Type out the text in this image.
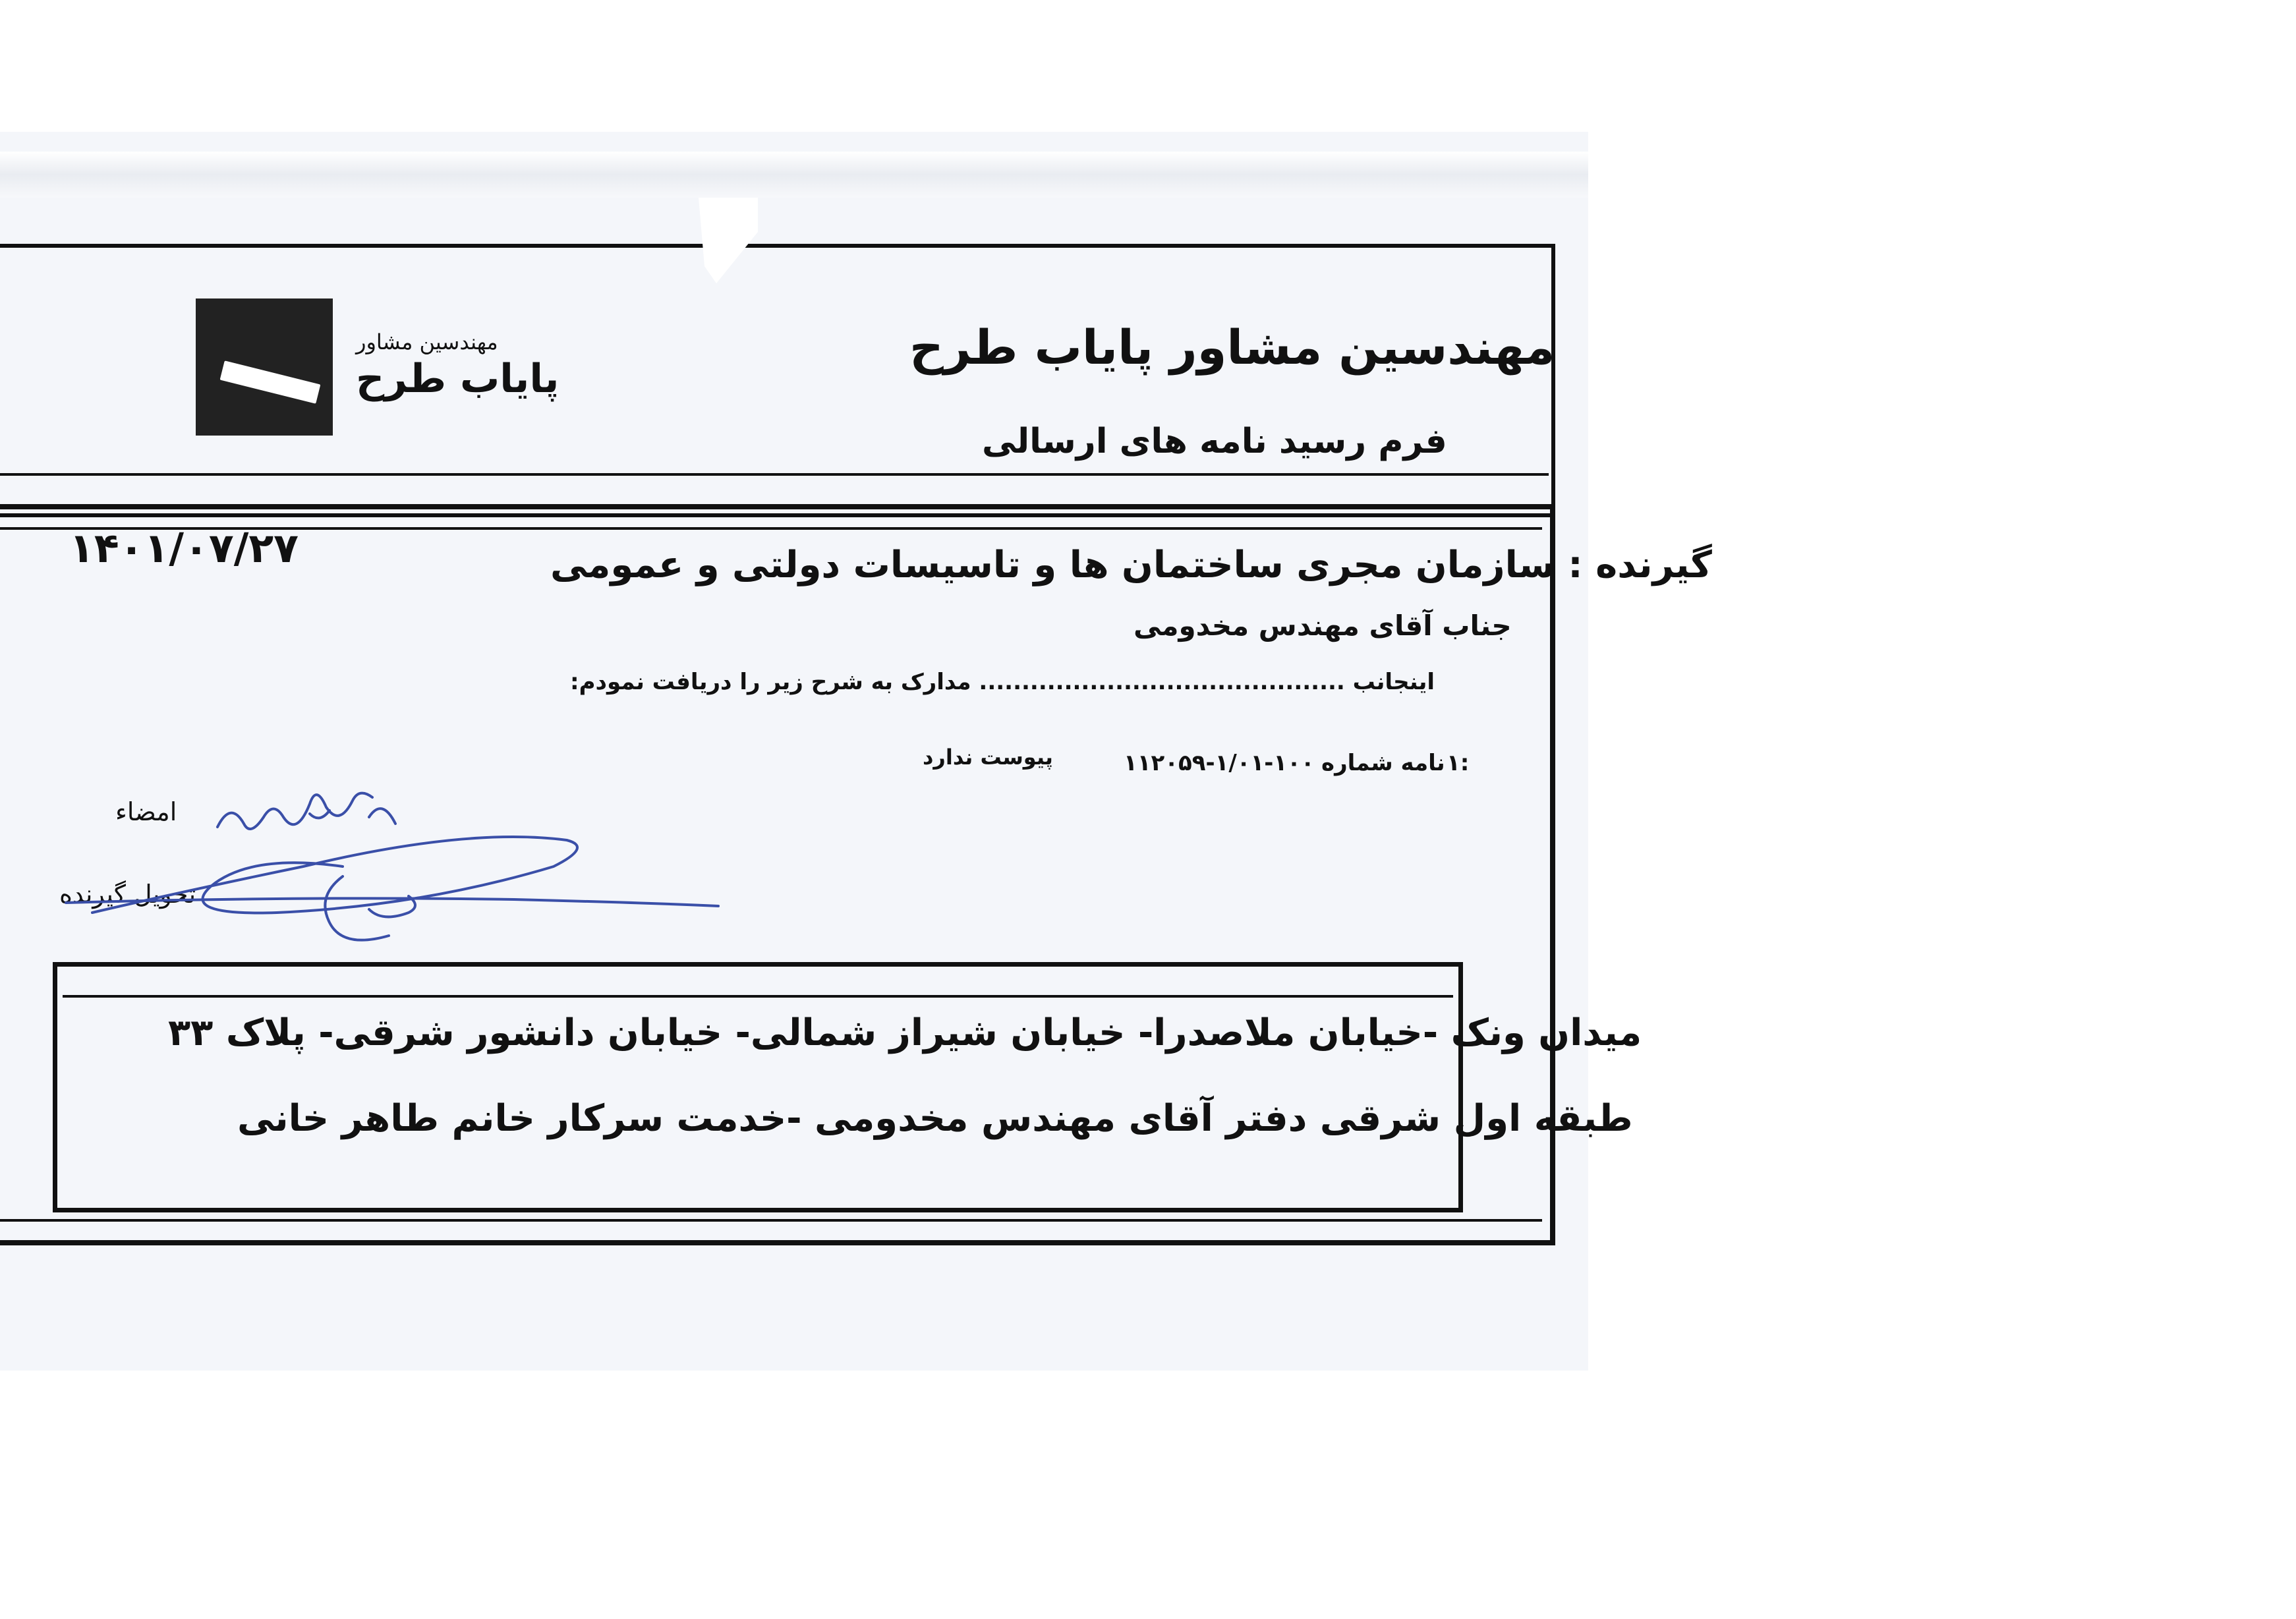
مهندسین مشاور
پایاب طرح
مهندسین مشاور پایاب طرح
فرم رسید نامه های ارسالی
۱۴۰۱/۰۷/۲۷	گیرنده : سازمان مجری ساختمان ها و تاسیسات دولتی و عمومی
جناب آقای مهندس مخدومی
اینجانب ........................................... مدارک به شرح زیر را دریافت نمودم:
۱:
نامه شماره
۱۱۲۰۵۹-۱/۰۱-۱۰۰
پیوست ندارد
امضاء
تحویل گیرنده
میدان ونک -خیابان ملاصدرا- خیابان شیراز شمالی- خیابان دانشور شرقی- پلاک ۳۳
طبقه اول شرقی دفتر آقای مهندس مخدومی -خدمت سرکار خانم طاهر خانی
